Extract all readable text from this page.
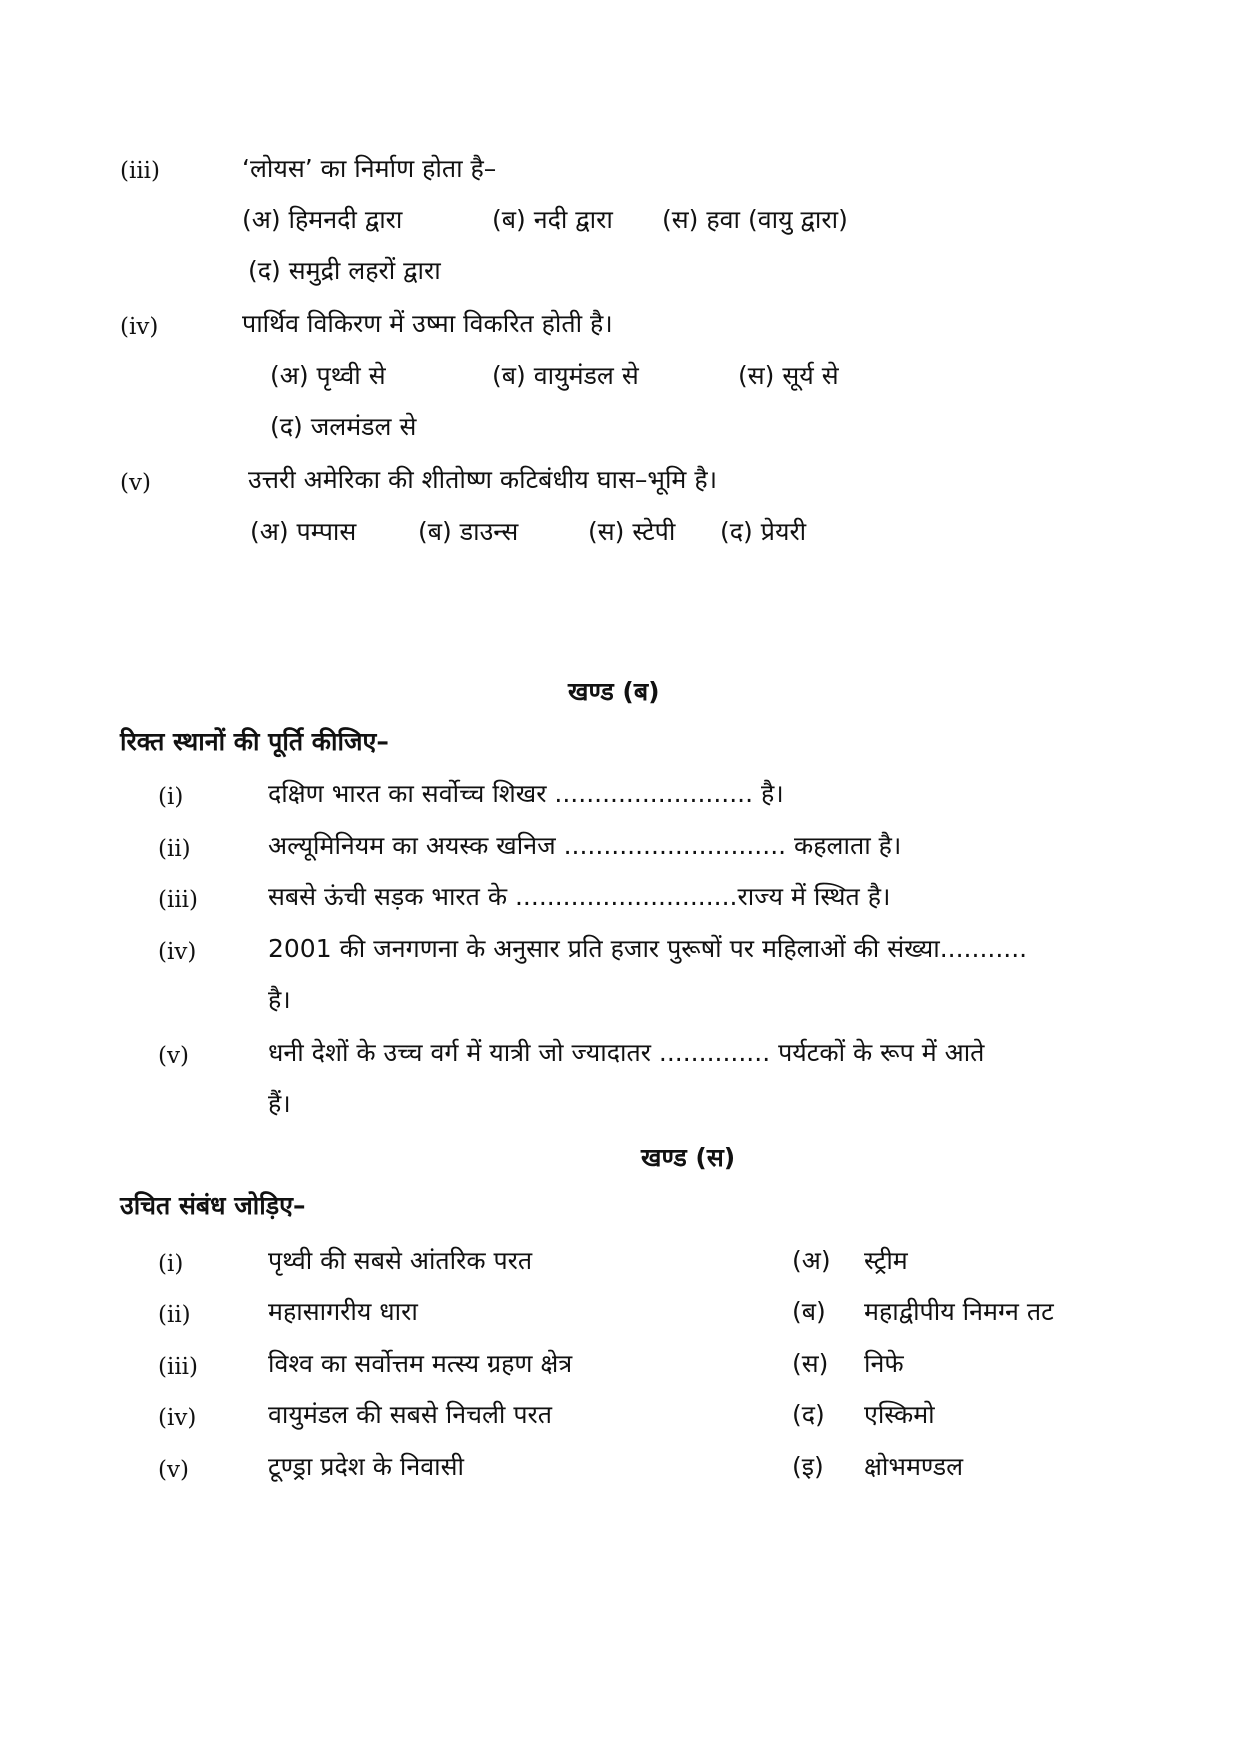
(iii)	‘लोयस’ का निर्माण होता है–
(अ) हिमनदी द्वारा	(ब) नदी द्वारा (स) हवा (वायु द्वारा)
(द) समुद्री लहरों द्वारा
(iv)	पार्थिव विकिरण में उष्मा विकरित होती है।
(अ) पृथ्वी से	(ब) वायुमंडल से	(स) सूर्य से
(द) जलमंडल से
(v)	उत्तरी अमेरिका की शीतोष्ण कटिबंधीय घास–भूमि है।
(अ) पम्पास (ब) डाउन्स	(स) स्टेपी (द) प्रेयरी
खण्ड (ब)
रिक्त स्थानों की पूर्ति कीजिए–
(i)	दक्षिण भारत का सर्वोच्च शिखर ......................... है।
(ii)	अल्यूमिनियम का अयस्क खनिज ............................ कहलाता है।
(iii)	सबसे ऊंची सड़क भारत के ............................राज्य में स्थित है।
(iv)	2001 की जनगणना के अनुसार प्रति हजार पुरूषों पर महिलाओं की संख्या...........
है।
(v)	धनी देशों के उच्च वर्ग में यात्री जो ज्यादातर .............. पर्यटकों के रूप में आते
हैं।
खण्ड (स)
उचित संबंध जोड़िए–
(i)	पृथ्वी की सबसे आंतरिक परत	(अ) स्ट्रीम
(ii)	महासागरीय धारा	(ब) महाद्वीपीय निमग्न तट
(iii)	विश्व का सर्वोत्तम मत्स्य ग्रहण क्षेत्र	(स) निफे
(iv)	वायुमंडल की सबसे निचली परत	(द) एस्किमो
(v)	टूण्ड्रा प्रदेश के निवासी	(इ) क्षोभमण्डल
